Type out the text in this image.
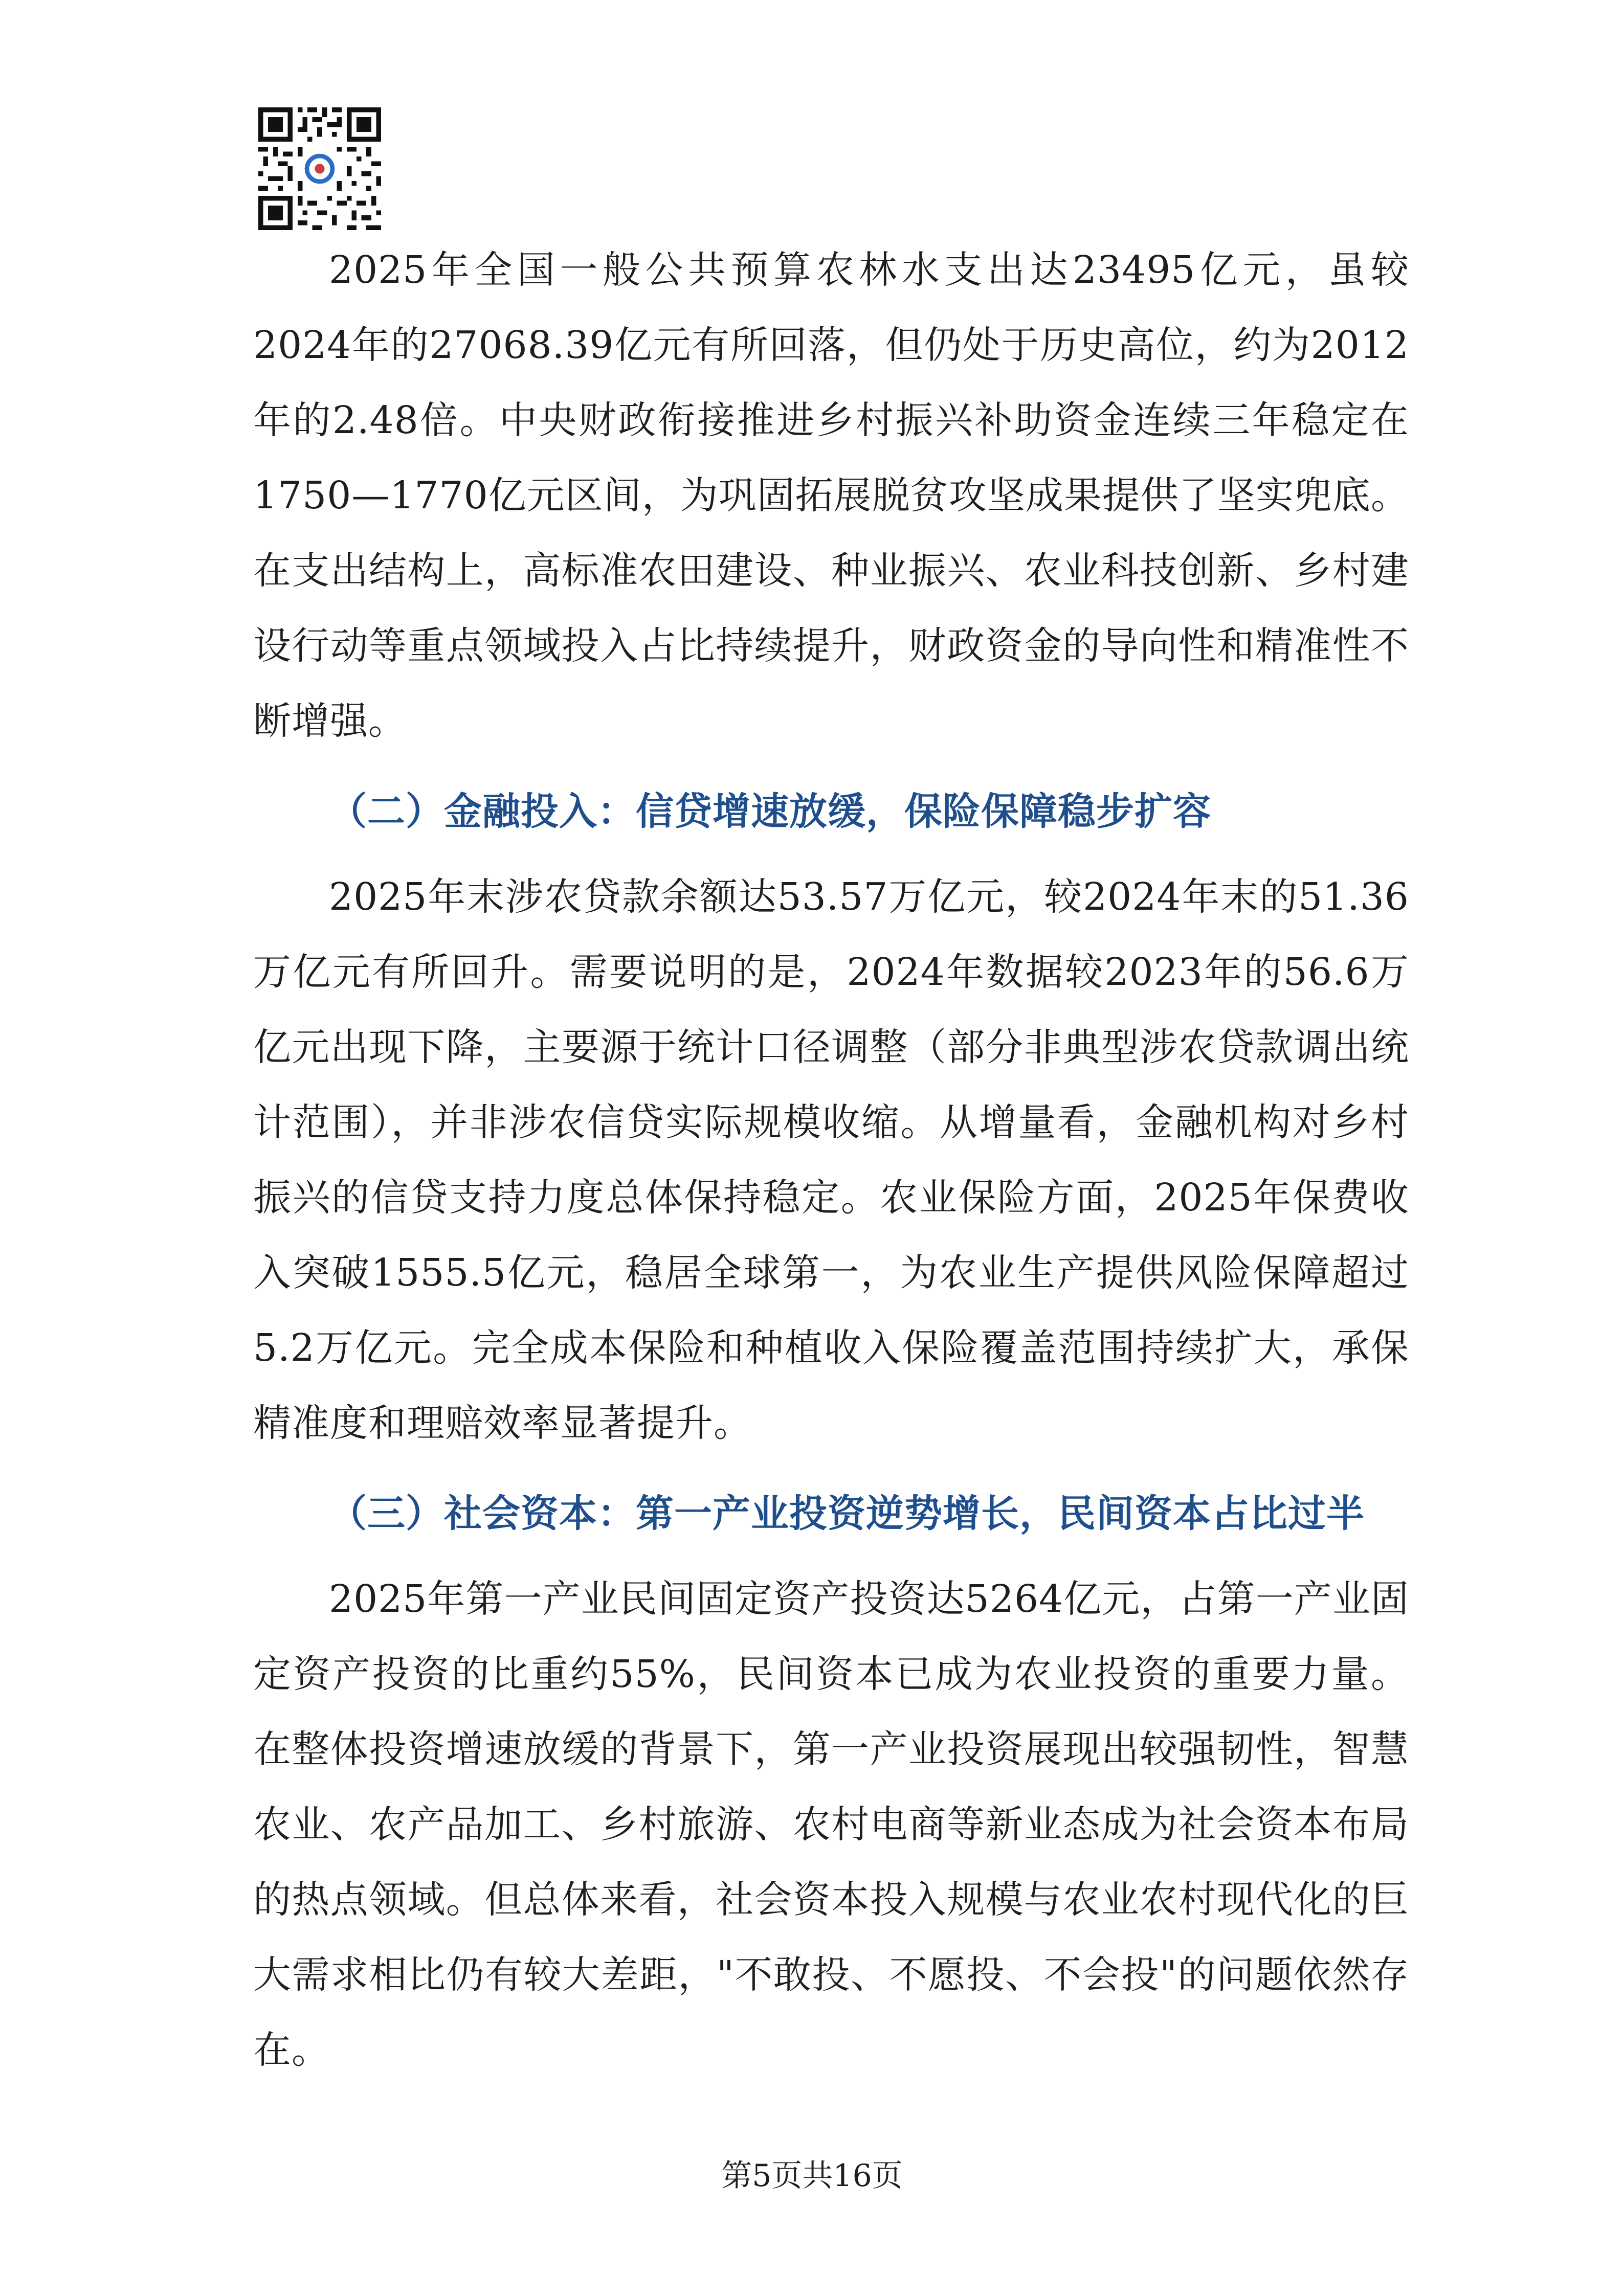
2025年全国一般公共预算农林水支出达23495亿元，虽较2024年的27068.39亿元有所回落，但仍处于历史高位，约为2012年的2.48倍。中央财政衔接推进乡村振兴补助资金连续三年稳定在1750—1770亿元区间，为巩固拓展脱贫攻坚成果提供了坚实兜底。在支出结构上，高标准农田建设、种业振兴、农业科技创新、乡村建设行动等重点领域投入占比持续提升，财政资金的导向性和精准性不断增强。

（二）金融投入：信贷增速放缓，保险保障稳步扩容

2025年末涉农贷款余额达53.57万亿元，较2024年末的51.36万亿元有所回升。需要说明的是，2024年数据较2023年的56.6万亿元出现下降，主要源于统计口径调整（部分非典型涉农贷款调出统计范围），并非涉农信贷实际规模收缩。从增量看，金融机构对乡村振兴的信贷支持力度总体保持稳定。农业保险方面，2025年保费收入突破1555.5亿元，稳居全球第一，为农业生产提供风险保障超过5.2万亿元。完全成本保险和种植收入保险覆盖范围持续扩大，承保精准度和理赔效率显著提升。

（三）社会资本：第一产业投资逆势增长，民间资本占比过半

2025年第一产业民间固定资产投资达5264亿元，占第一产业固定资产投资的比重约55%，民间资本已成为农业投资的重要力量。在整体投资增速放缓的背景下，第一产业投资展现出较强韧性，智慧农业、农产品加工、乡村旅游、农村电商等新业态成为社会资本布局的热点领域。但总体来看，社会资本投入规模与农业农村现代化的巨大需求相比仍有较大差距，"不敢投、不愿投、不会投"的问题依然存在。

第5页共16页
